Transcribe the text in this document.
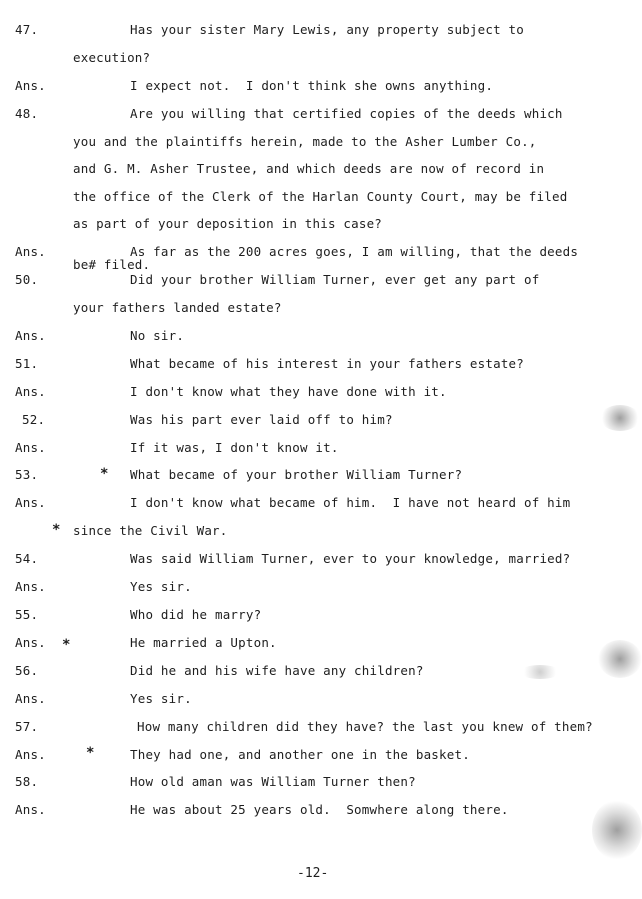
47.	Has your sister Mary Lewis, any property subject to
execution?
Ans.	I expect not.  I don't think she owns anything.
48.	Are you willing that certified copies of the deeds which
you and the plaintiffs herein, made to the Asher Lumber Co.,
and G. M. Asher Trustee, and which deeds are now of record in
the office of the Clerk of the Harlan County Court, may be filed
as part of your deposition in this case?
Ans.	As far as the 200 acres goes, I am willing, that the deeds
be# filed.
50.	Did your brother William Turner, ever get any part of
your fathers landed estate?
Ans.	No sir.
51.	What became of his interest in your fathers estate?
Ans.	I don't know what they have done with it.
52.	Was his part ever laid off to him?
Ans.	If it was, I don't know it.
53.	* What became of your brother William Turner?
Ans.	I don't know what became of him.  I have not heard of him
* since the Civil War.
54.	Was said William Turner, ever to your knowledge, married?
Ans.	Yes sir.
55.	Who did he marry?
Ans. *	He married a Upton.
56.	Did he and his wife have any children?
Ans.	Yes sir.
57.	How many children did they have? the last you knew of them?
Ans.	*	They had one, and another one in the basket.
58.	How old aman was William Turner then?
Ans.	He was about 25 years old.  Somwhere along there.
-12-
